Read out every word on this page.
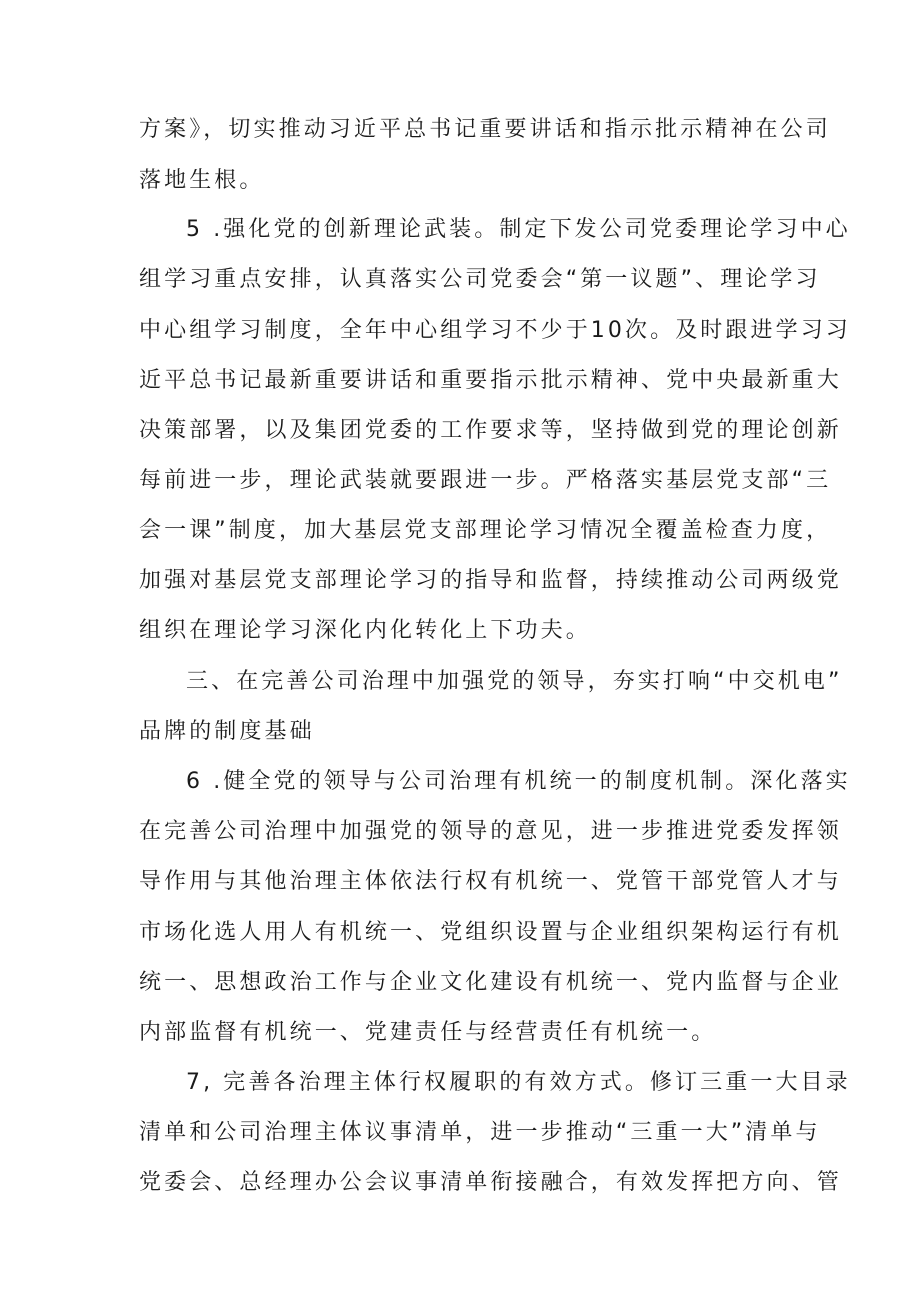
方案》，切实推动习近平总书记重要讲话和指示批示精神在公司
落地生根。
5 .强化党的创新理论武装。制定下发公司党委理论学习中心
组学习重点安排，认真落实公司党委会“第一议题”、理论学习
中心组学习制度，全年中心组学习不少于10次。及时跟进学习习
近平总书记最新重要讲话和重要指示批示精神、党中央最新重大
决策部署，以及集团党委的工作要求等，坚持做到党的理论创新
每前进一步，理论武装就要跟进一步。严格落实基层党支部“三
会一课”制度，加大基层党支部理论学习情况全覆盖检查力度，
加强对基层党支部理论学习的指导和监督，持续推动公司两级党
组织在理论学习深化内化转化上下功夫。
三、在完善公司治理中加强党的领导，夯实打响“中交机电”
品牌的制度基础
6 .健全党的领导与公司治理有机统一的制度机制。深化落实
在完善公司治理中加强党的领导的意见，进一步推进党委发挥领
导作用与其他治理主体依法行权有机统一、党管干部党管人才与
市场化选人用人有机统一、党组织设置与企业组织架构运行有机
统一、思想政治工作与企业文化建设有机统一、党内监督与企业
内部监督有机统一、党建责任与经营责任有机统一。
7, 完善各治理主体行权履职的有效方式。修订三重一大目录
清单和公司治理主体议事清单，进一步推动“三重一大”清单与
党委会、总经理办公会议事清单衔接融合，有效发挥把方向、管
